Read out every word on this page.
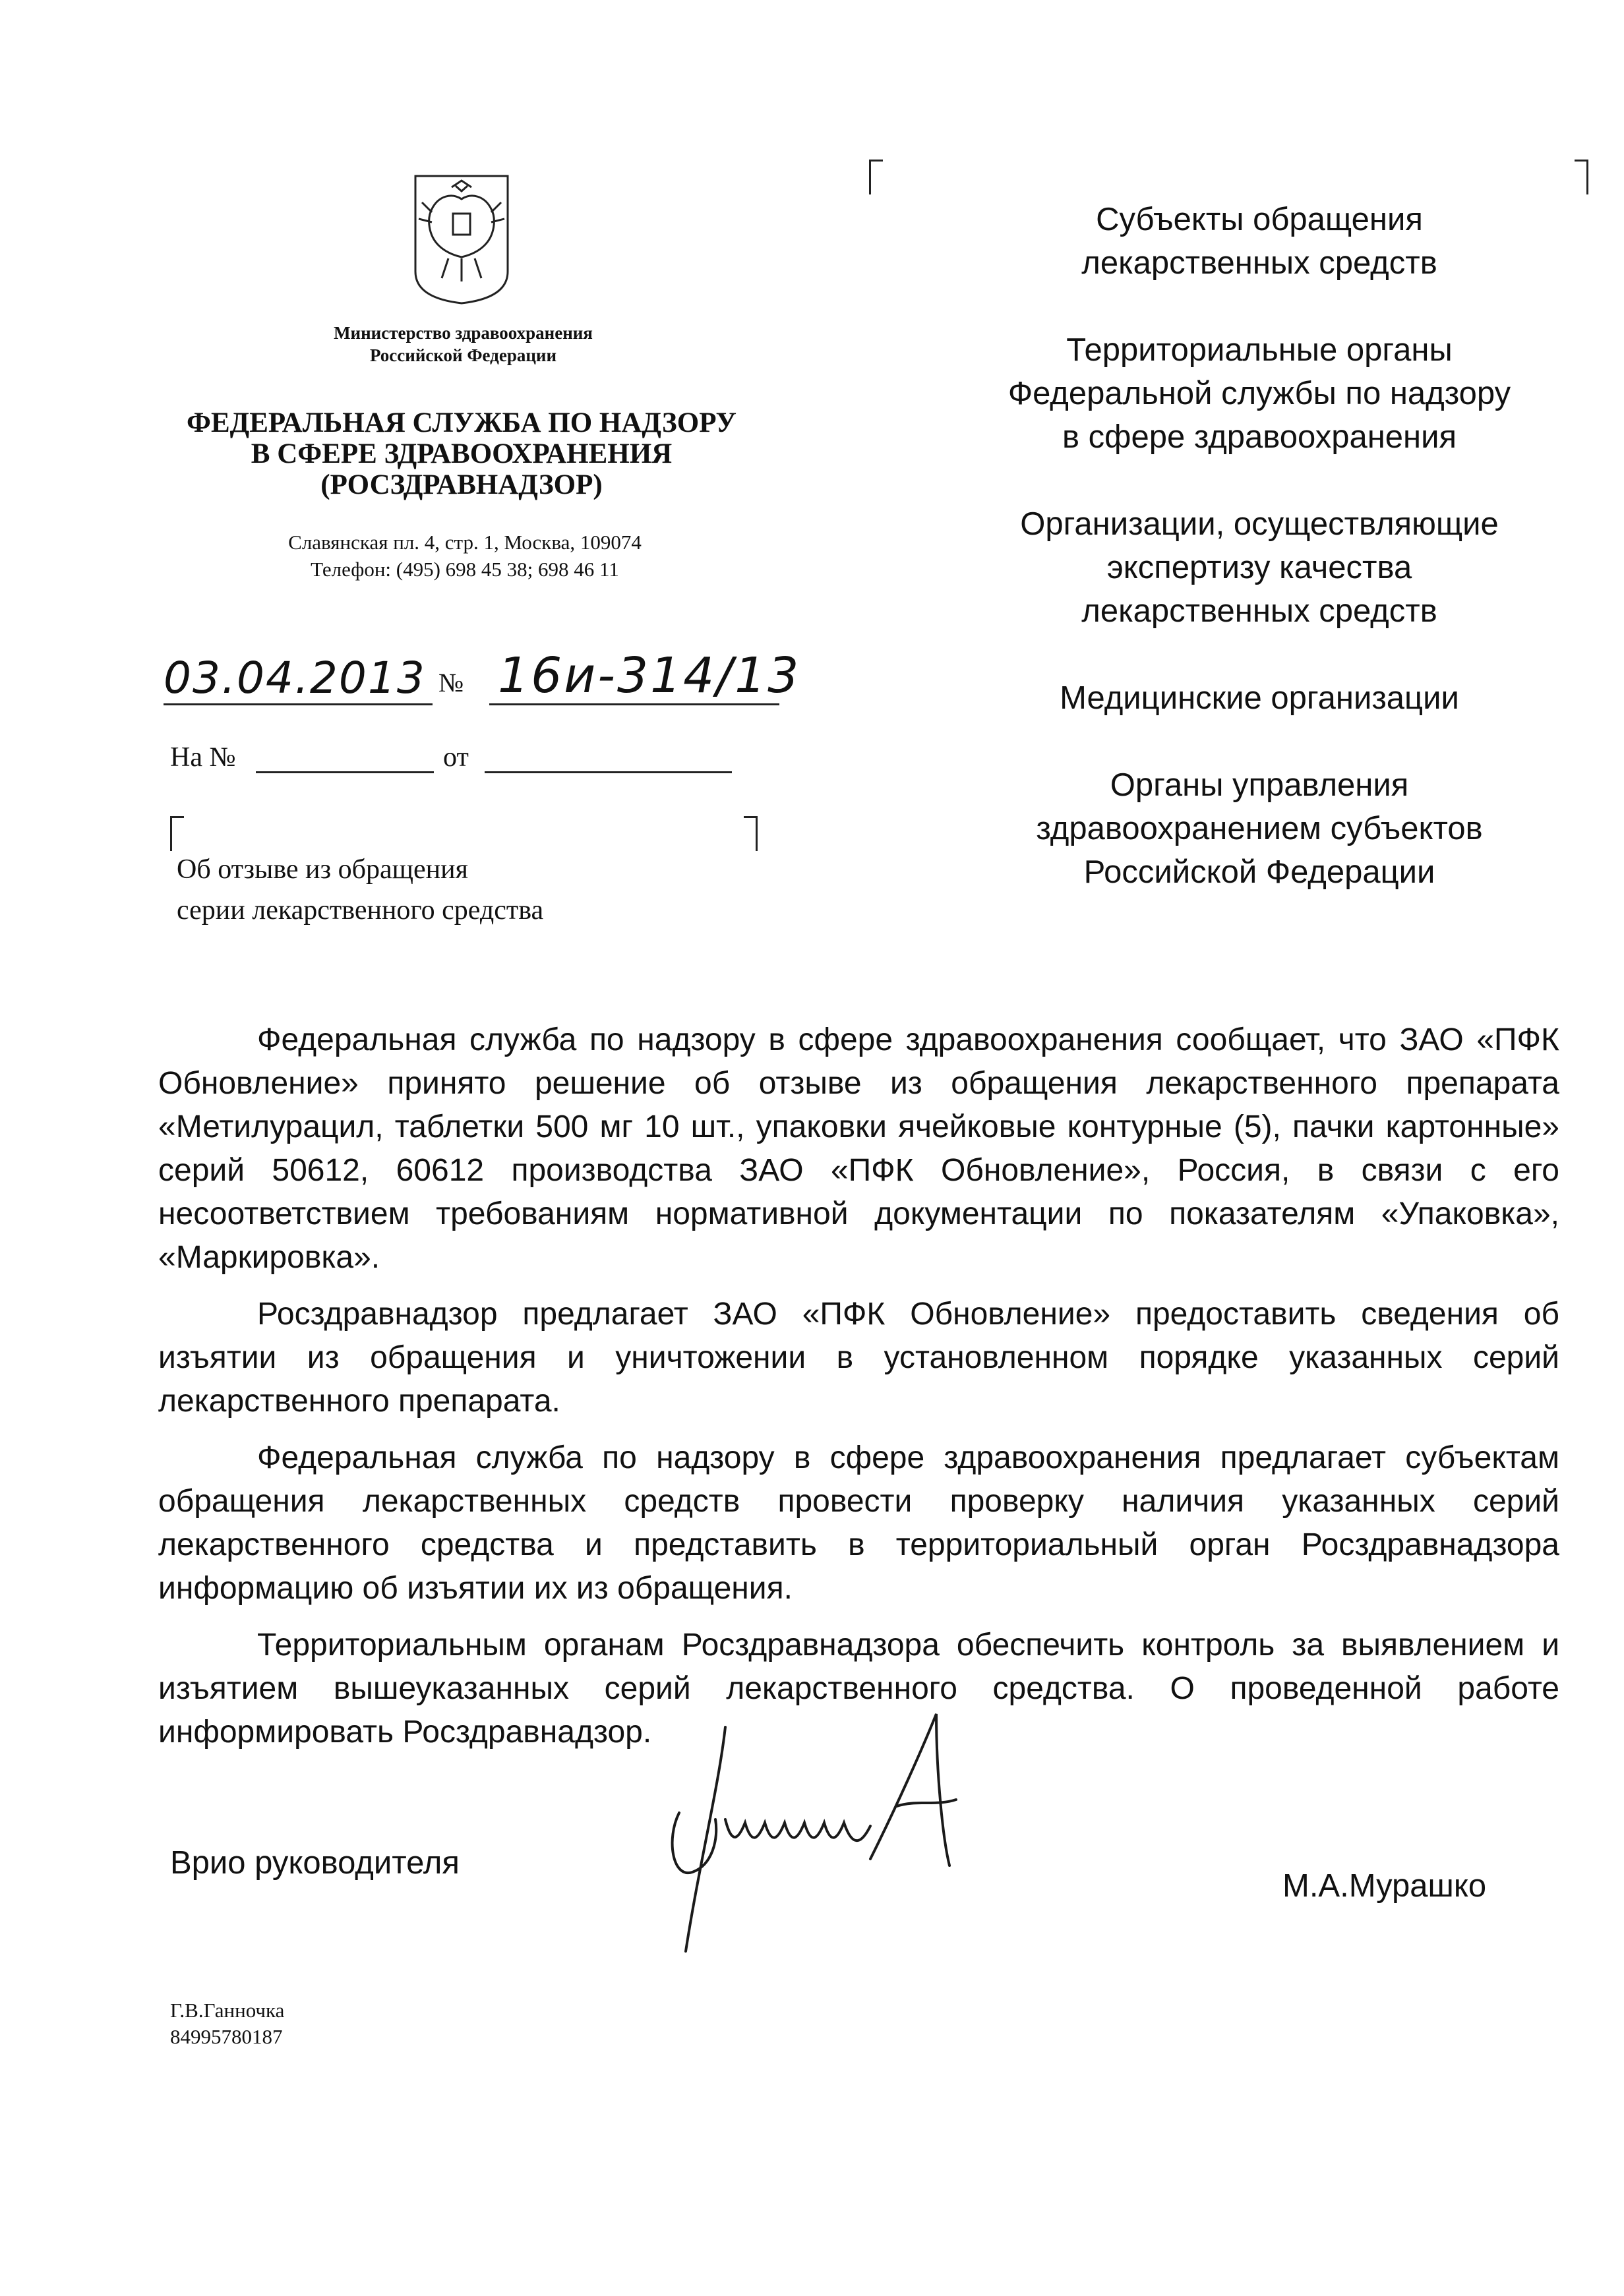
Министерство здравоохранения
Российской Федерации
ФЕДЕРАЛЬНАЯ СЛУЖБА ПО НАДЗОРУ
В СФЕРЕ ЗДРАВООХРАНЕНИЯ
(РОСЗДРАВНАДЗОР)
Славянская пл. 4, стр. 1, Москва, 109074
Телефон: (495) 698 45 38; 698 46 11
03.04.2013 № 16и-314/13
На №	от
Об отзыве из обращения
серии лекарственного средства
Субъекты обращения
лекарственных средств
Территориальные органы
Федеральной службы по надзору
в сфере здравоохранения
Организации, осуществляющие
экспертизу качества
лекарственных средств
Медицинские организации
Органы управления
здравоохранением субъектов
Российской Федерации

Федеральная служба по надзору в сфере здравоохранения сообщает, что ЗАО «ПФК Обновление» принято решение об отзыве из обращения лекарственного препарата «Метилурацил, таблетки 500 мг 10 шт., упаковки ячейковые контурные (5), пачки картонные» серий 50612, 60612 производства ЗАО «ПФК Обновление», Россия, в связи с его несоответствием требованиям нормативной документации по показателям «Упаковка», «Маркировка».

Росздравнадзор предлагает ЗАО «ПФК Обновление» предоставить сведения об изъятии из обращения и уничтожении в установленном порядке указанных серий лекарственного препарата.

Федеральная служба по надзору в сфере здравоохранения предлагает субъектам обращения лекарственных средств провести проверку наличия указанных серий лекарственного средства и представить в территориальный орган Росздравнадзора информацию об изъятии их из обращения.

Территориальным органам Росздравнадзора обеспечить контроль за выявлением и изъятием вышеуказанных серий лекарственного средства. О проведенной работе информировать Росздравнадзор.

Врио руководителя
М.А.Мурашко
Г.В.Ганночка
84995780187
